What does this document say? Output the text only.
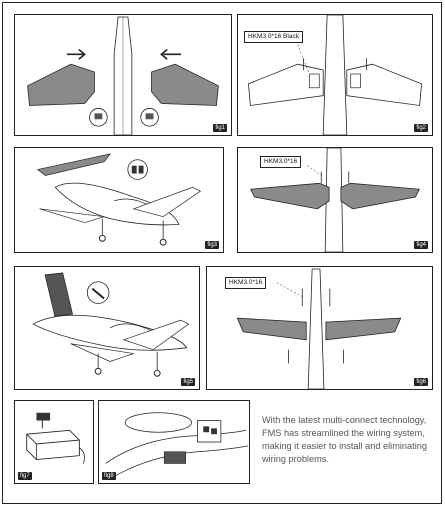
fig1
HKM3.0*16 Black
fig2
fig3
HKM3.0*16
fig4
fig5
HKM3.0*16
fig6
fig7	fig8

With the latest multi-connect technology, FMS has streamlined the wiring system, making it easier to install and eliminating wiring problems.
